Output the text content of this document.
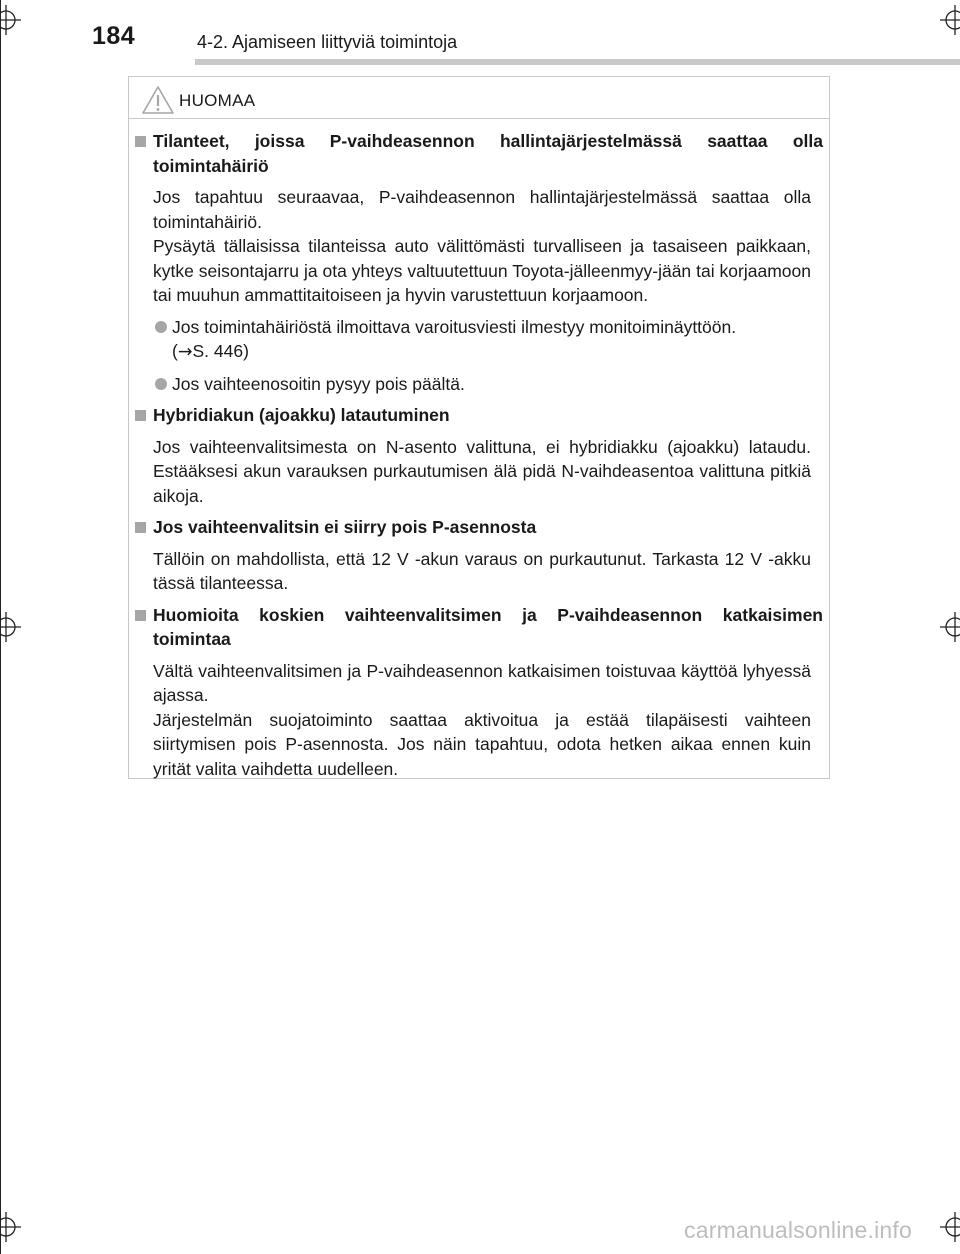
184	4-2. Ajamiseen liittyviä toimintoja
HUOMAA
Tilanteet, joissa P-vaihdeasennon hallintajärjestelmässä saattaa olla toimintahäiriö
Jos tapahtuu seuraavaa, P-vaihdeasennon hallintajärjestelmässä saattaa olla toimintahäiriö.
Pysäytä tällaisissa tilanteissa auto välittömästi turvalliseen ja tasaiseen paikkaan, kytke seisontajarru ja ota yhteys valtuutettuun Toyota-jälleenmyy-jään tai korjaamoon tai muuhun ammattitaitoiseen ja hyvin varustettuun korjaamoon.
Jos toimintahäiriöstä ilmoittava varoitusviesti ilmestyy monitoiminäyttöön.
(→S. 446)
Jos vaihteenosoitin pysyy pois päältä.
Hybridiakun (ajoakku) latautuminen
Jos vaihteenvalitsimesta on N-asento valittuna, ei hybridiakku (ajoakku) lataudu. Estääksesi akun varauksen purkautumisen älä pidä N-vaihdeasentoa valittuna pitkiä aikoja.
Jos vaihteenvalitsin ei siirry pois P-asennosta
Tällöin on mahdollista, että 12 V -akun varaus on purkautunut. Tarkasta 12 V -akku tässä tilanteessa.
Huomioita koskien vaihteenvalitsimen ja P-vaihdeasennon katkaisimen toimintaa
Vältä vaihteenvalitsimen ja P-vaihdeasennon katkaisimen toistuvaa käyttöä lyhyessä ajassa.
Järjestelmän suojatoiminto saattaa aktivoitua ja estää tilapäisesti vaihteen siirtymisen pois P-asennosta. Jos näin tapahtuu, odota hetken aikaa ennen kuin yrität valita vaihdetta uudelleen.
carmanualsonline.info
